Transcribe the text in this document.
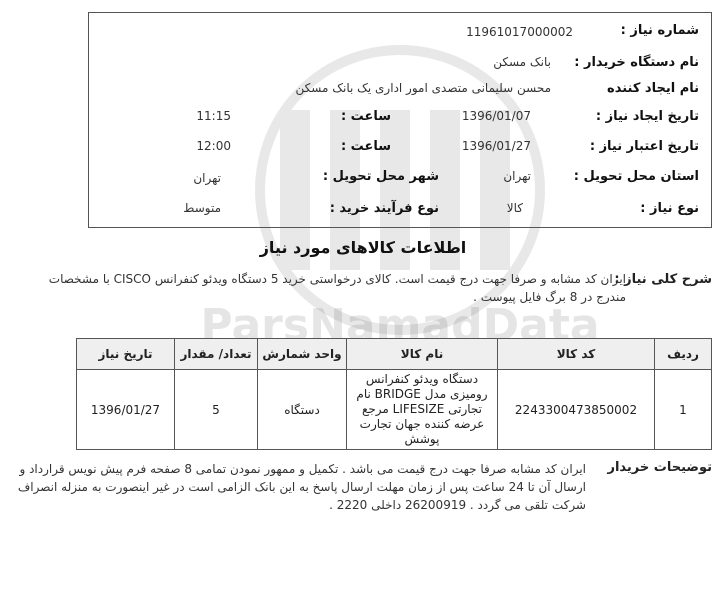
ParsNamadData
شماره نیاز :
11961017000002
نام دستگاه خریدار :
بانک مسکن
نام ایجاد کننده
محسن سلیمانی متصدی امور اداری یک بانک مسکن
تاریخ ایجاد نیاز :
1396/01/07
ساعت :
11:15
تاریخ اعتبار نیاز :
1396/01/27
ساعت :
12:00
استان محل تحویل :
تهران
شهر محل تحویل :
تهران
نوع نیاز :
کالا
نوع فرآیند خرید :
متوسط
اطلاعات کالاهای مورد نیاز
شرح کلی نیاز :
ایران کد مشابه و صرفا جهت درج قیمت است. کالای درخواستی خرید 5 دستگاه ویدئو کنفرانس CISCO با مشخصات مندرج در 8 برگ فایل پیوست .
ردیف	کد کالا	نام کالا	واحد شمارش	تعداد/ مقدار	تاریخ نیاز
1	2243300473850002	دستگاه ویدئو کنفرانس رومیزی مدل BRIDGE نام تجارتی LIFESIZE مرجع عرضه کننده جهان تجارت پوشش	دستگاه	5	1396/01/27
توضیحات خریدار
ایران کد مشابه صرفا جهت درج قیمت می باشد . تکمیل و ممهور نمودن تمامی 8 صفحه فرم پیش نویس قرارداد و ارسال آن تا 24 ساعت پس از زمان مهلت ارسال پاسخ به این بانک الزامی است در غیر اینصورت به منزله انصراف شرکت تلقی می گردد . 26200919 داخلی 2220 .
